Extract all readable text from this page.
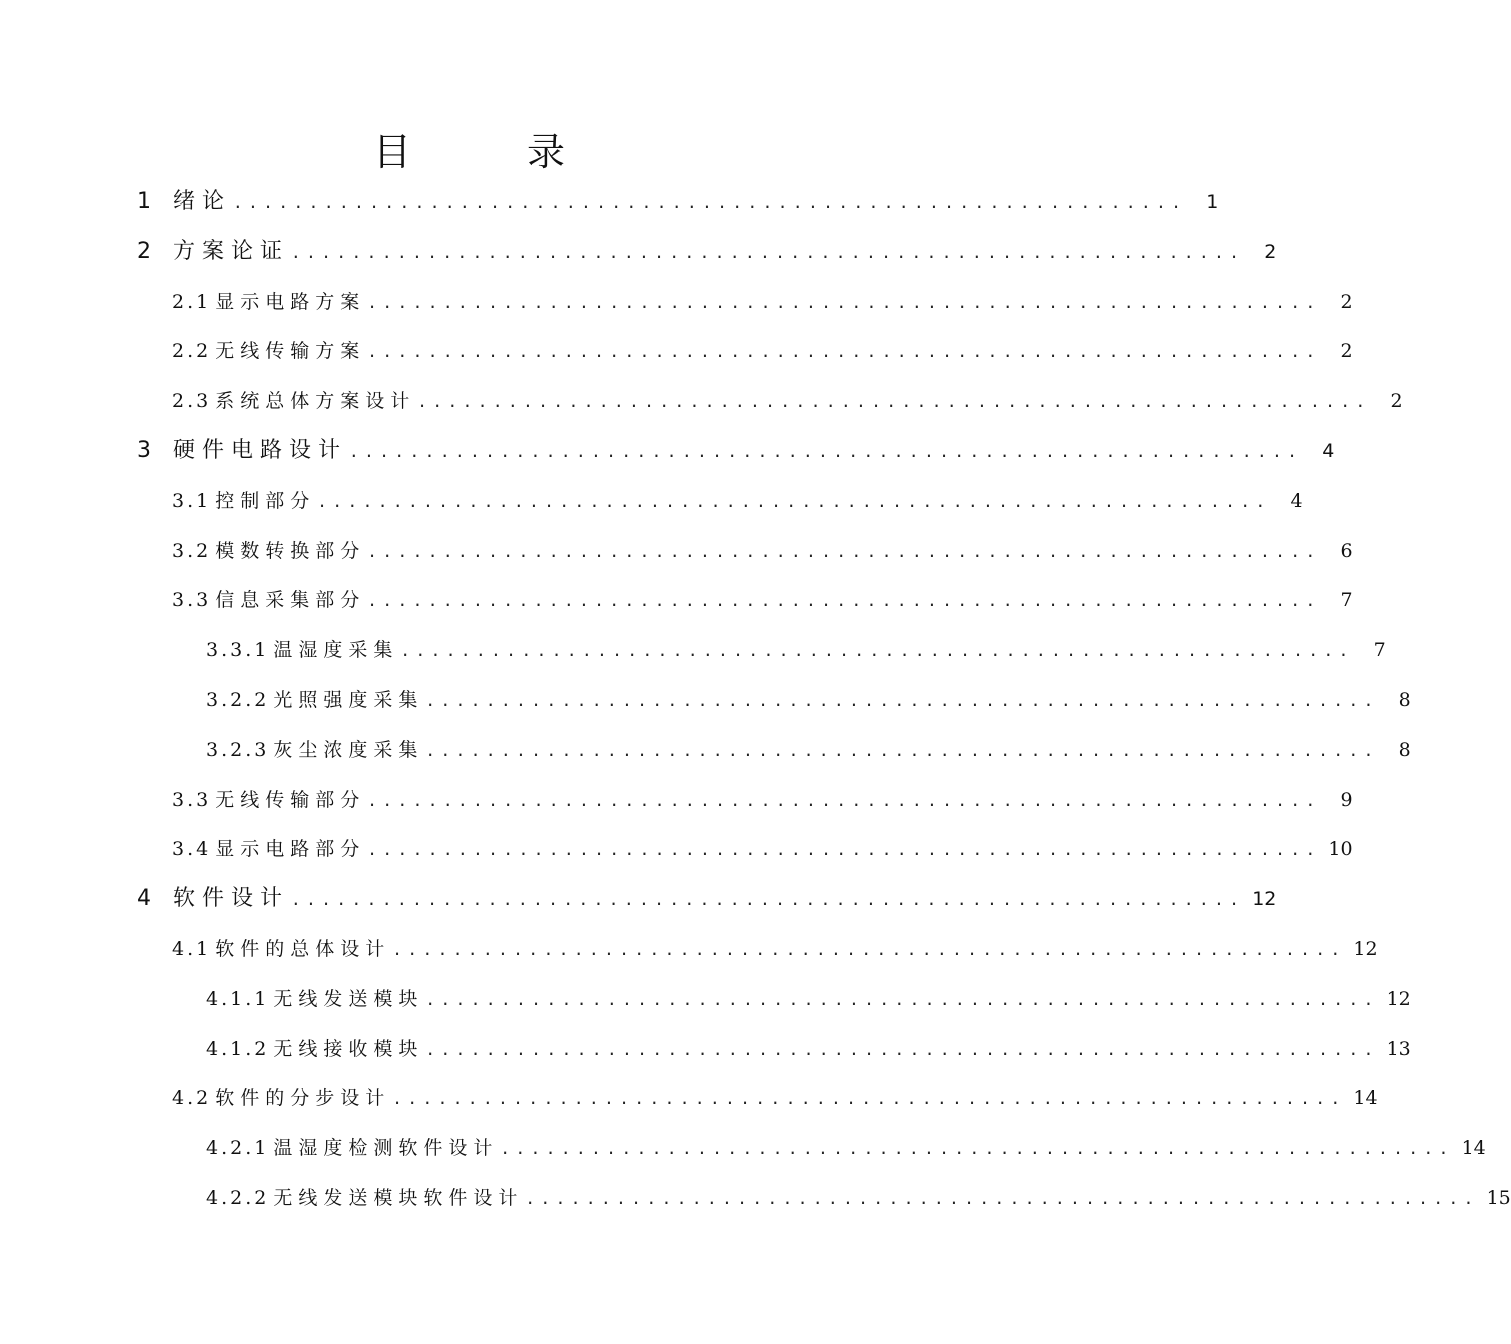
目 录
1	绪论 ...............................................................	1
2	方案论证 ...............................................................	2
2.1 显示电路方案 ...............................................................	2
2.2 无线传输方案 ...............................................................	2
2.3 系统总体方案设计 ...............................................................	2
3	硬件电路设计 ...............................................................	4
3.1 控制部分 ...............................................................	4
3.2 模数转换部分 ...............................................................	6
3.3 信息采集部分 ...............................................................	7
3.3.1 温湿度采集 ...............................................................	7
3.2.2 光照强度采集 ...............................................................	8
3.2.3 灰尘浓度采集 ...............................................................	8
3.3 无线传输部分 ...............................................................	9
3.4 显示电路部分 ............................................................... 10
4	软件设计 ............................................................... 12
4.1 软件的总体设计 ............................................................... 12
4.1.1 无线发送模块 ............................................................... 12
4.1.2 无线接收模块 ............................................................... 13
4.2 软件的分步设计 ............................................................... 14
4.2.1 温湿度检测软件设计 ............................................................... 14
4.2.2 无线发送模块软件设计 ............................................................... 15
